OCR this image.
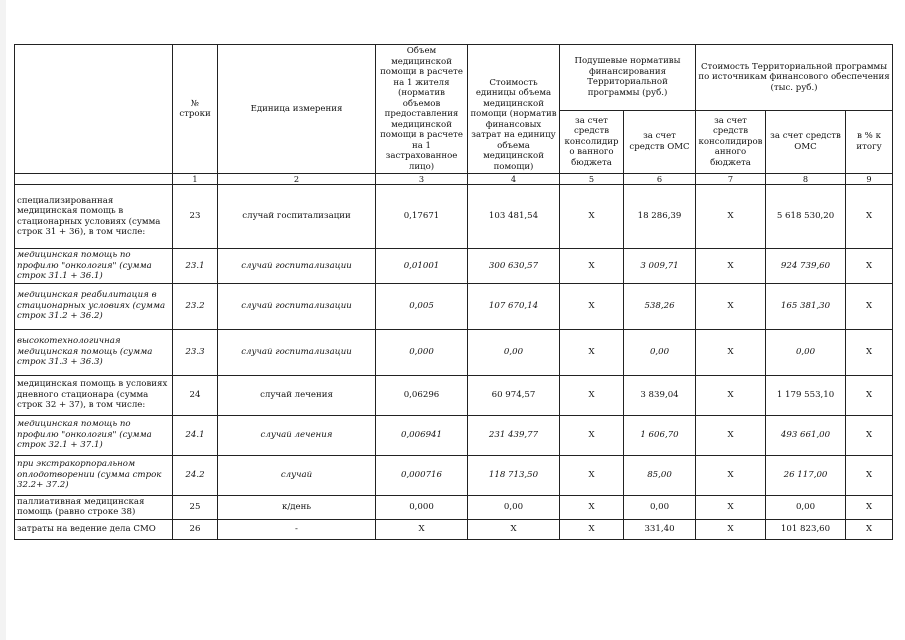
	№ строки	Единица измерения	Объем медицинской помощи в расчете на 1 жителя (норматив объемов предоставления медицинской помощи в расчете на 1 застрахованное лицо)	Стоимость единицы объема медицинской помощи (норматив финансовых затрат на единицу объема медицинской помощи)	Подушевые нормативы финансирования Территориальной программы (руб.)		Стоимость Территориальной программы по источникам финансового обеспечения (тыс. руб.)		
					за счет средств консолидиро ванного бюджета	за счет средств ОМС	за счет средств консолидиров анного бюджета	за счет средств ОМС	в % к итогу
	1	2	3	4	5	6	7	8	9
специализированная медицинская помощь в стационарных условиях (сумма строк 31 + 36), в том числе:	23	случай госпитализации	0,17671	103 481,54	X	18 286,39	X	5 618 530,20	X
медицинская помощь по профилю "онкология" (сумма строк 31.1 + 36.1)	23.1	случай госпитализации	0,01001	300 630,57	X	3 009,71	X	924 739,60	X
медицинская реабилитация в стационарных условиях (сумма строк 31.2 + 36.2)	23.2	случай госпитализации	0,005	107 670,14	X	538,26	X	165 381,30	X
высокотехнологичная медицинская помощь (сумма строк 31.3 + 36.3)	23.3	случай госпитализации	0,000	0,00	X	0,00	X	0,00	X
медицинская помощь в условиях дневного стационара (сумма строк 32 + 37), в том числе:	24	случай лечения	0,06296	60 974,57	X	3 839,04	X	1 179 553,10	X
медицинская помощь по профилю "онкология" (сумма строк 32.1 + 37.1)	24.1	случай лечения	0,006941	231 439,77	X	1 606,70	X	493 661,00	X
при экстракорпоральном оплодотворении (сумма строк 32.2+ 37.2)	24.2	случай	0,000716	118 713,50	X	85,00	X	26 117,00	X
паллиативная медицинская помощь (равно строке 38)	25	к/день	0,000	0,00	X	0,00	X	0,00	X
затраты на ведение дела СМО	26	-	X	X	X	331,40	X	101 823,60	X
